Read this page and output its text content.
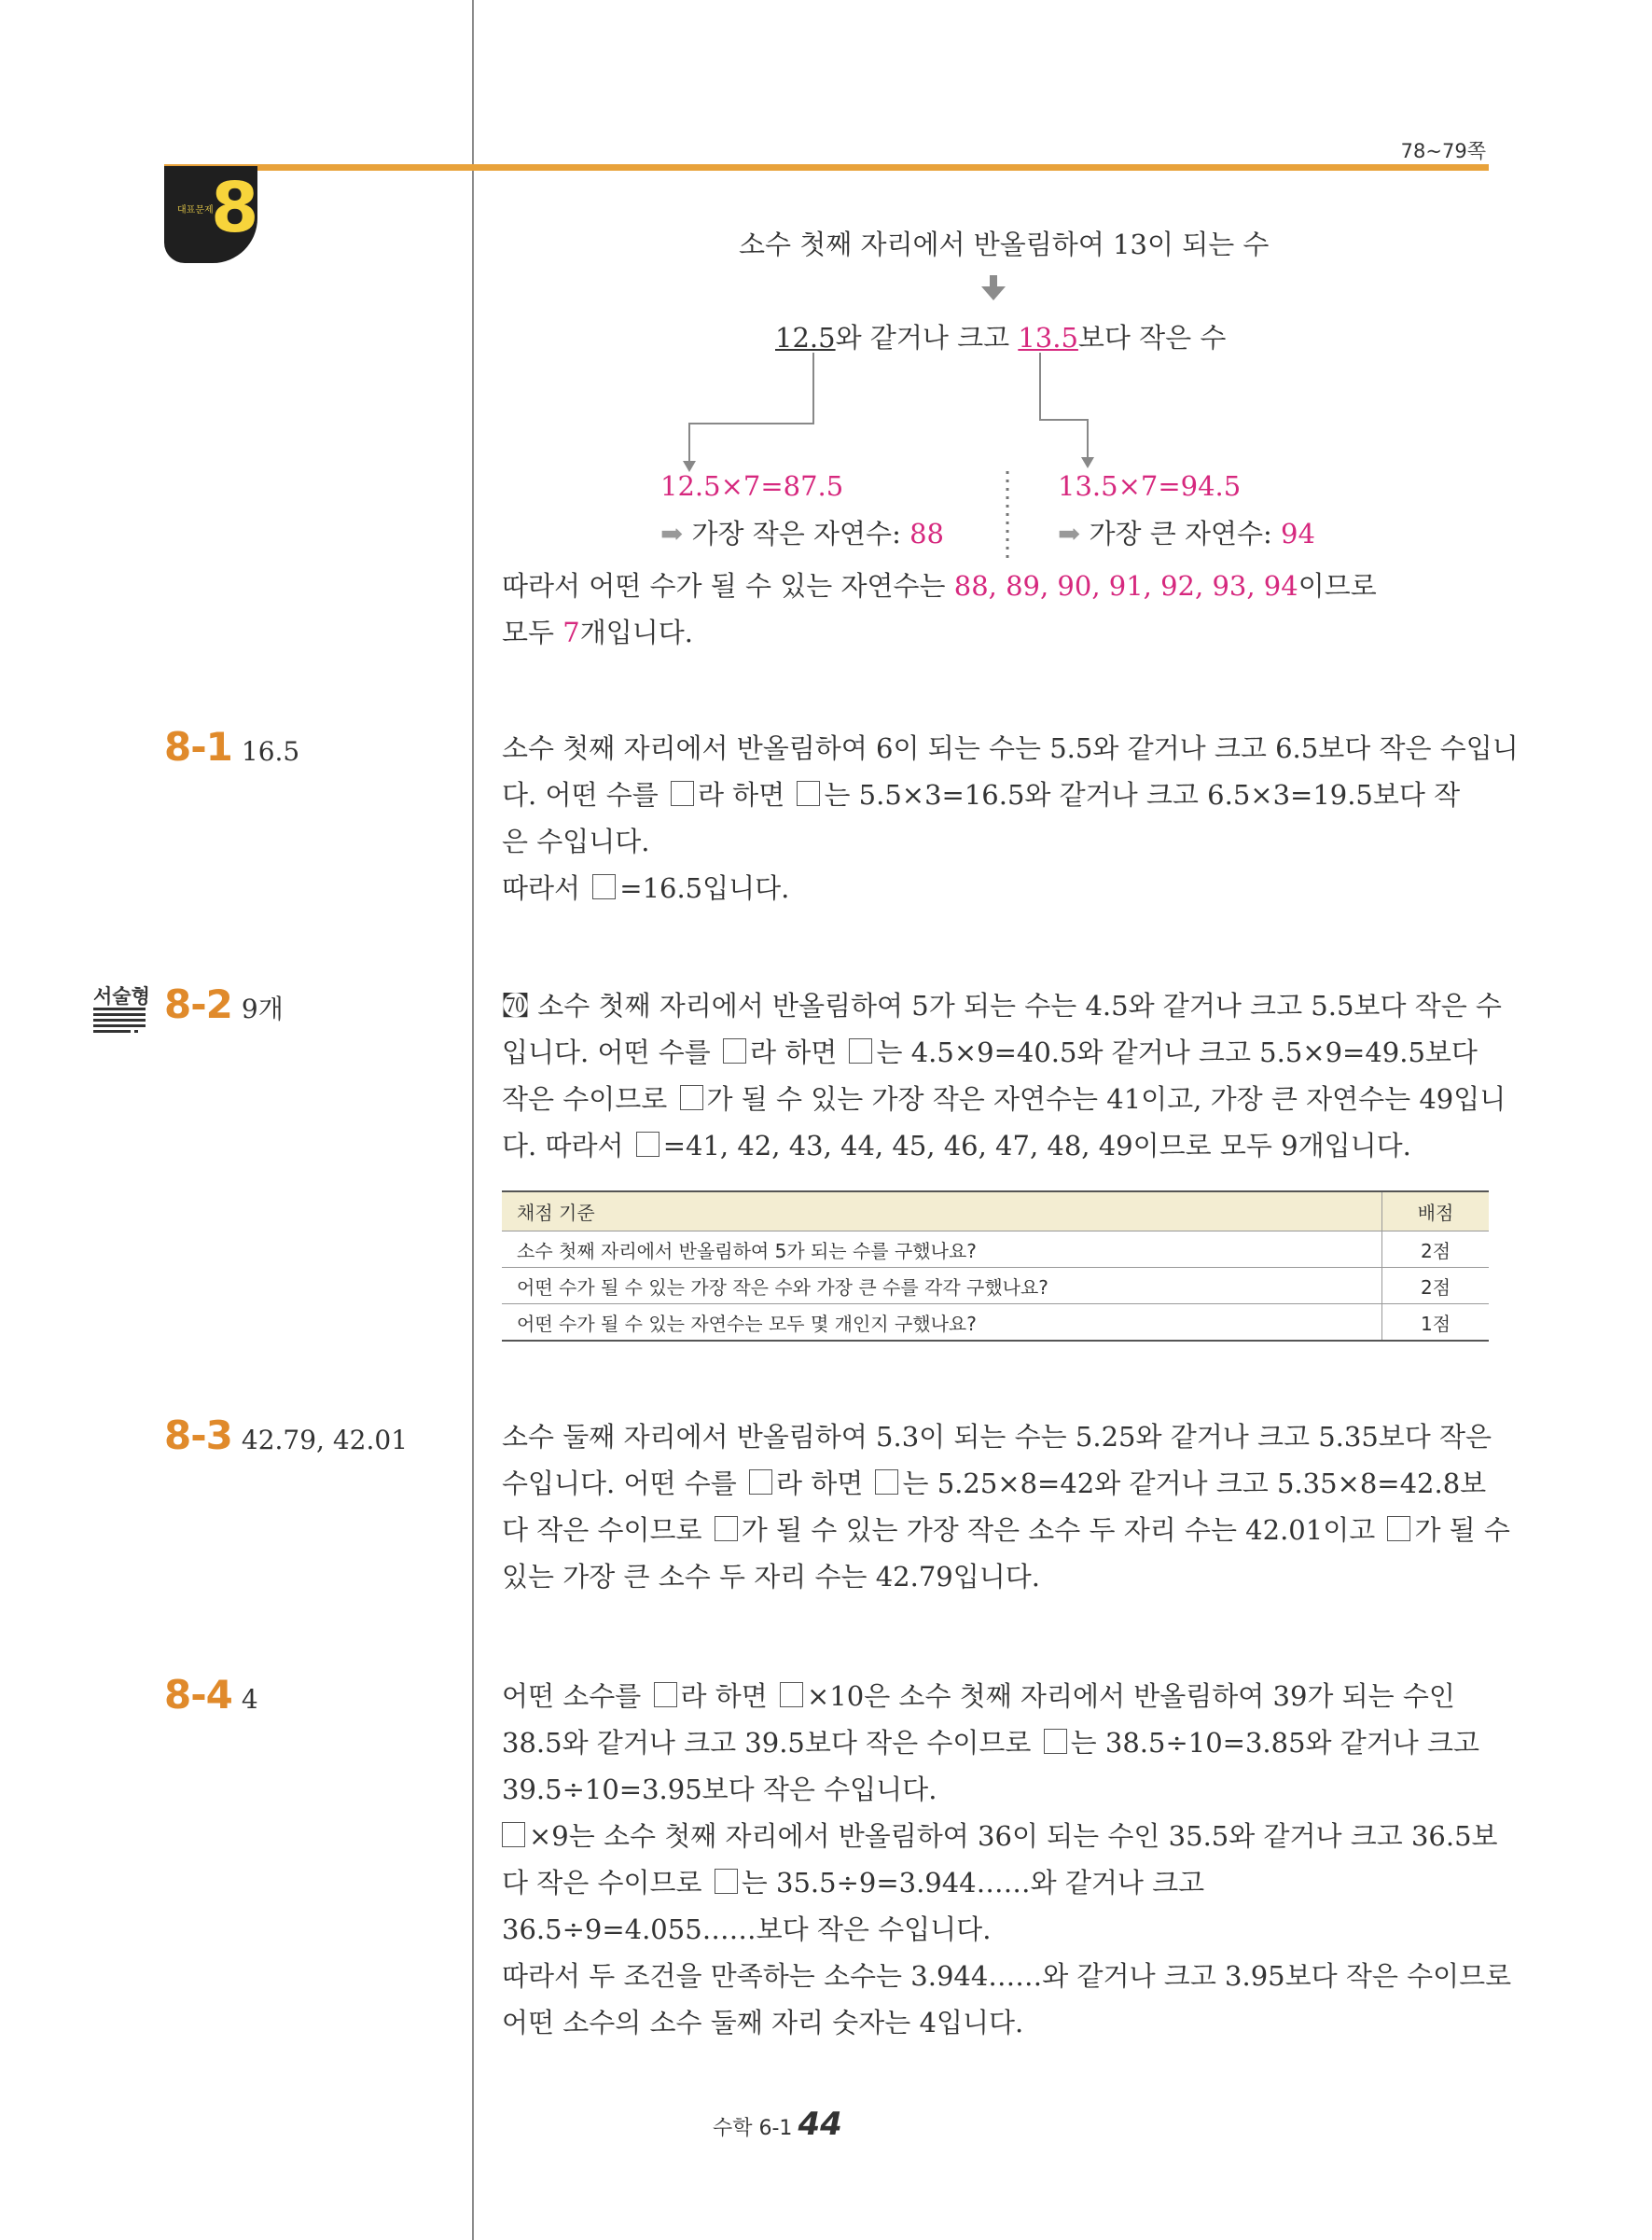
78~79쪽
대표문제
8	소수 첫째 자리에서 반올림하여 13이 되는 수
12.5와 같거나 크고 13.5보다 작은 수
12.5×7=87.5
➡ 가장 작은 자연수: 88
13.5×7=94.5
➡ 가장 큰 자연수: 94
따라서 어떤 수가 될 수 있는 자연수는 88, 89, 90, 91, 92, 93, 94이므로
모두 7개입니다.
8-1 16.5	소수 첫째 자리에서 반올림하여 6이 되는 수는 5.5와 같거나 크고 6.5보다 작은 수입니
다. 어떤 수를 라 하면 는 5.5×3=16.5와 같거나 크고 6.5×3=19.5보다 작
은 수입니다.
따라서 =16.5입니다.
서술형 8-2 9개	㉎ 소수 첫째 자리에서 반올림하여 5가 되는 수는 4.5와 같거나 크고 5.5보다 작은 수
입니다. 어떤 수를 라 하면 는 4.5×9=40.5와 같거나 크고 5.5×9=49.5보다
작은 수이므로 가 될 수 있는 가장 작은 자연수는 41이고, 가장 큰 자연수는 49입니
다. 따라서 =41, 42, 43, 44, 45, 46, 47, 48, 49이므로 모두 9개입니다.
채점 기준	배점
소수 첫째 자리에서 반올림하여 5가 되는 수를 구했나요?	2점
어떤 수가 될 수 있는 가장 작은 수와 가장 큰 수를 각각 구했나요?	2점
어떤 수가 될 수 있는 자연수는 모두 몇 개인지 구했나요?	1점
8-3 42.79, 42.01	소수 둘째 자리에서 반올림하여 5.3이 되는 수는 5.25와 같거나 크고 5.35보다 작은
수입니다. 어떤 수를 라 하면 는 5.25×8=42와 같거나 크고 5.35×8=42.8보
다 작은 수이므로 가 될 수 있는 가장 작은 소수 두 자리 수는 42.01이고 가 될 수
있는 가장 큰 소수 두 자리 수는 42.79입니다.
8-4 4	어떤 소수를 라 하면 ×10은 소수 첫째 자리에서 반올림하여 39가 되는 수인
38.5와 같거나 크고 39.5보다 작은 수이므로 는 38.5÷10=3.85와 같거나 크고
39.5÷10=3.95보다 작은 수입니다.
×9는 소수 첫째 자리에서 반올림하여 36이 되는 수인 35.5와 같거나 크고 36.5보
다 작은 수이므로 는 35.5÷9=3.944……와 같거나 크고
36.5÷9=4.055……보다 작은 수입니다.
따라서 두 조건을 만족하는 소수는 3.944……와 같거나 크고 3.95보다 작은 수이므로
어떤 소수의 소수 둘째 자리 숫자는 4입니다.
수학 6-1 44
